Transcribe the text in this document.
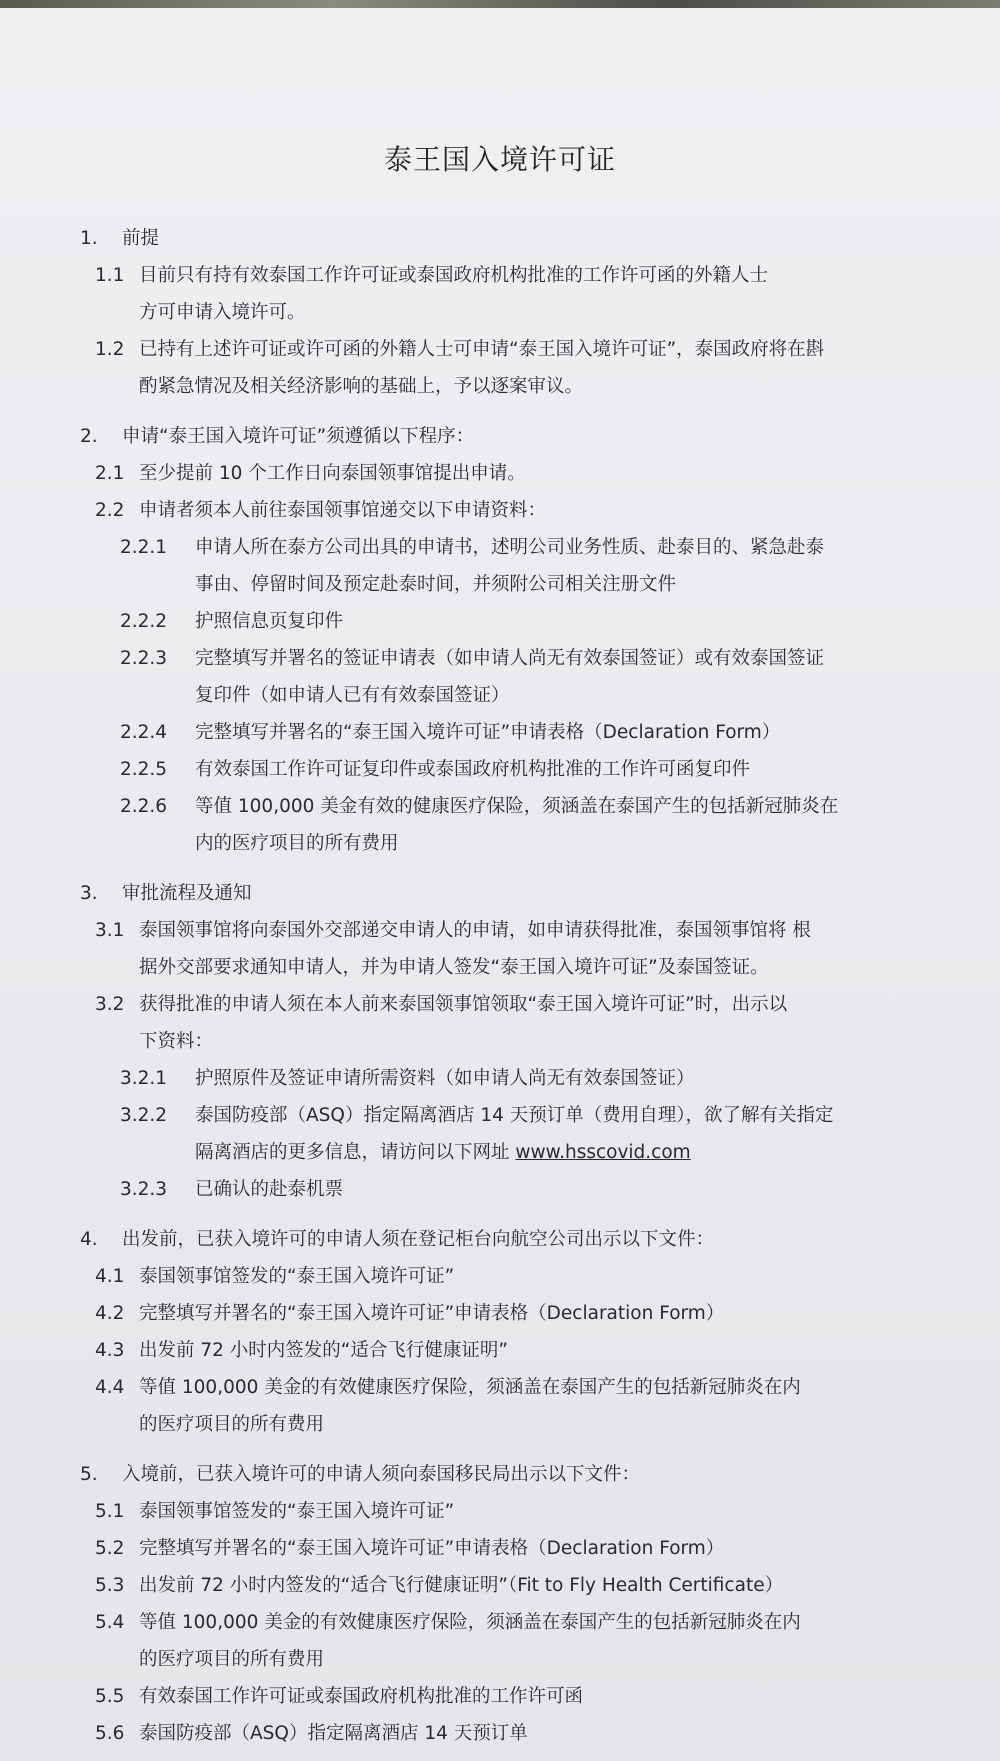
泰王国入境许可证
1.	前提
1.1 目前只有持有效泰国工作许可证或泰国政府机构批准的工作许可函的外籍人士
方可申请入境许可。
1.2 已持有上述许可证或许可函的外籍人士可申请“泰王国入境许可证”，泰国政府将在斟
酌紧急情况及相关经济影响的基础上，予以逐案审议。
2.	申请“泰王国入境许可证”须遵循以下程序：
2.1 至少提前 10 个工作日向泰国领事馆提出申请。
2.2 申请者须本人前往泰国领事馆递交以下申请资料：
2.2.1	申请人所在泰方公司出具的申请书，述明公司业务性质、赴泰目的、紧急赴泰
事由、停留时间及预定赴泰时间，并须附公司相关注册文件
2.2.2	护照信息页复印件
2.2.3	完整填写并署名的签证申请表（如申请人尚无有效泰国签证）或有效泰国签证
复印件（如申请人已有有效泰国签证）
2.2.4	完整填写并署名的“泰王国入境许可证”申请表格（Declaration Form）
2.2.5	有效泰国工作许可证复印件或泰国政府机构批准的工作许可函复印件
2.2.6	等值 100,000 美金有效的健康医疗保险，须涵盖在泰国产生的包括新冠肺炎在
内的医疗项目的所有费用
3.	审批流程及通知
3.1 泰国领事馆将向泰国外交部递交申请人的申请，如申请获得批准，泰国领事馆将 根
据外交部要求通知申请人，并为申请人签发“泰王国入境许可证”及泰国签证。
3.2 获得批准的申请人须在本人前来泰国领事馆领取“泰王国入境许可证”时，出示以
下资料：
3.2.1	护照原件及签证申请所需资料（如申请人尚无有效泰国签证）
3.2.2	泰国防疫部（ASQ）指定隔离酒店 14 天预订单（费用自理），欲了解有关指定
隔离酒店的更多信息，请访问以下网址 www.hsscovid.com
3.2.3	已确认的赴泰机票
4.	出发前，已获入境许可的申请人须在登记柜台向航空公司出示以下文件：
4.1 泰国领事馆签发的“泰王国入境许可证”
4.2 完整填写并署名的“泰王国入境许可证”申请表格（Declaration Form）
4.3 出发前 72 小时内签发的“适合飞行健康证明”
4.4 等值 100,000 美金的有效健康医疗保险，须涵盖在泰国产生的包括新冠肺炎在内
的医疗项目的所有费用
5.	入境前，已获入境许可的申请人须向泰国移民局出示以下文件：
5.1 泰国领事馆签发的“泰王国入境许可证”
5.2 完整填写并署名的“泰王国入境许可证”申请表格（Declaration Form）
5.3 出发前 72 小时内签发的“适合飞行健康证明”（Fit to Fly Health Certificate）
5.4 等值 100,000 美金的有效健康医疗保险，须涵盖在泰国产生的包括新冠肺炎在内
的医疗项目的所有费用
5.5 有效泰国工作许可证或泰国政府机构批准的工作许可函
5.6 泰国防疫部（ASQ）指定隔离酒店 14 天预订单
